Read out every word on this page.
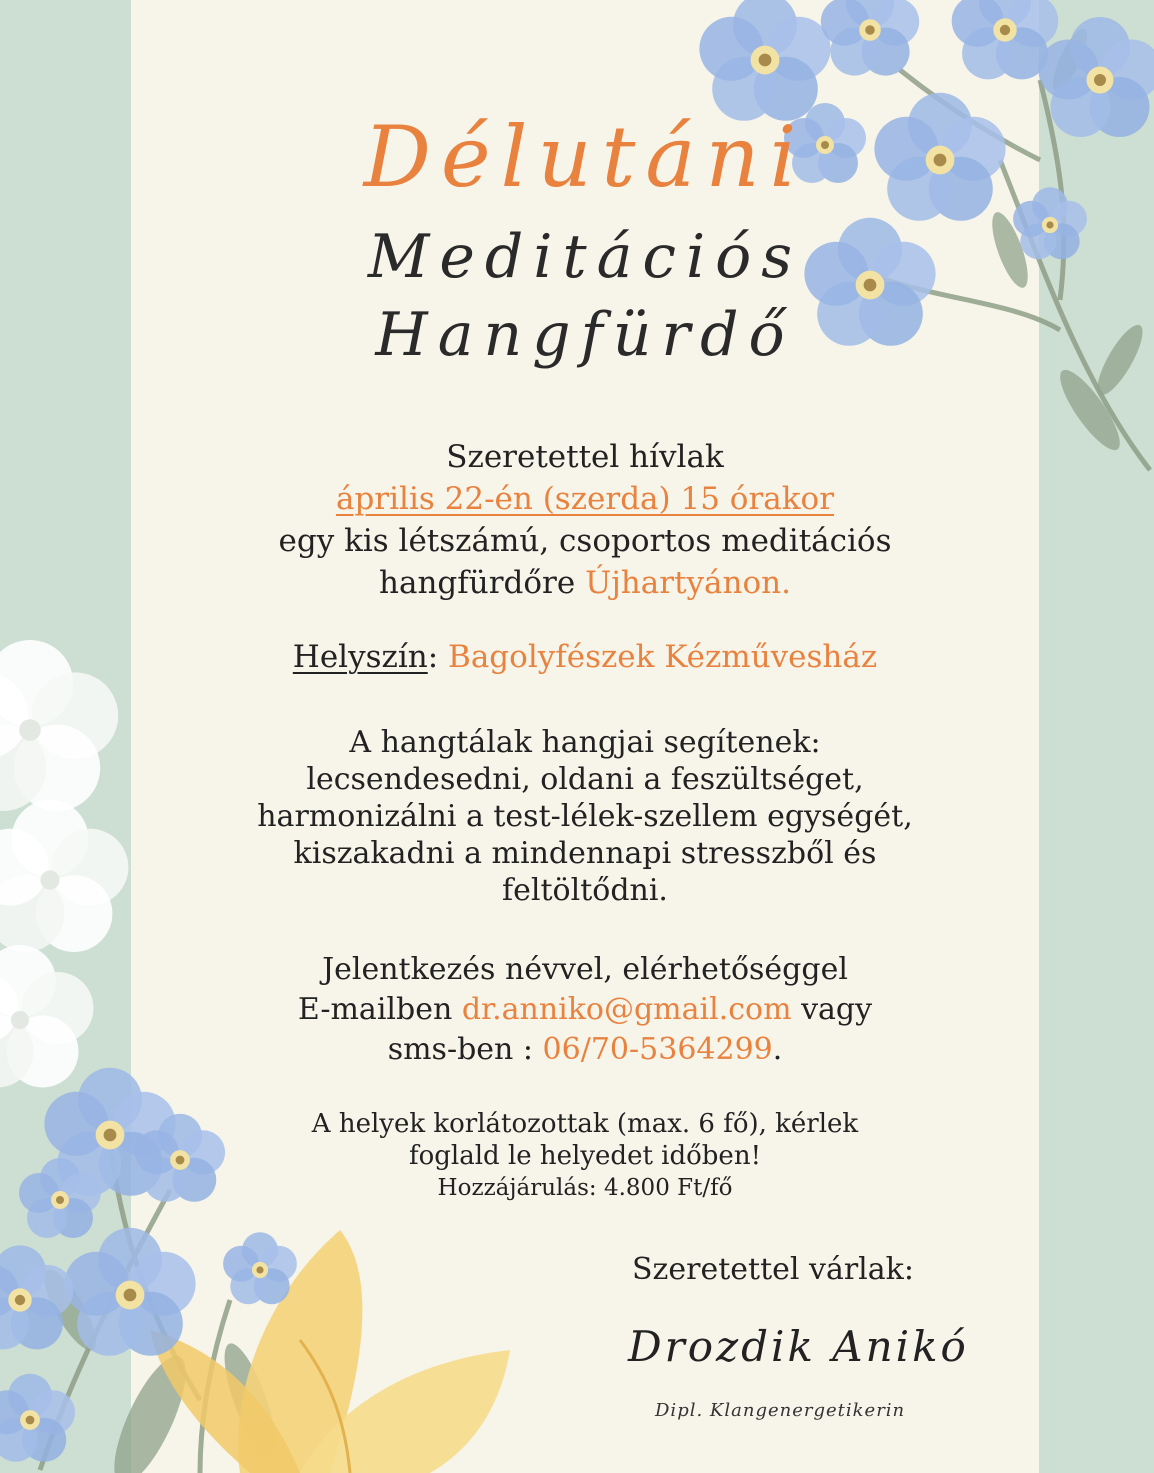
Délutáni
Meditációs
Hangfürdő
Szeretettel hívlak
április 22-én (szerda) 15 órakor
egy kis létszámú, csoportos meditációs
hangfürdőre Újhartyánon.
Helyszín: Bagolyfészek Kézművesház
A hangtálak hangjai segítenek:
lecsendesedni, oldani a feszültséget,
harmonizálni a test-lélek-szellem egységét,
kiszakadni a mindennapi stresszből és
feltöltődni.
Jelentkezés névvel, elérhetőséggel
E-mailben dr.anniko@gmail.com vagy
sms-ben : 06/70-5364299.
A helyek korlátozottak (max. 6 fő), kérlek
foglald le helyedet időben!
Hozzájárulás: 4.800 Ft/fő
Szeretettel várlak:
Drozdik Anikó
Dipl. Klangenergetikerin
